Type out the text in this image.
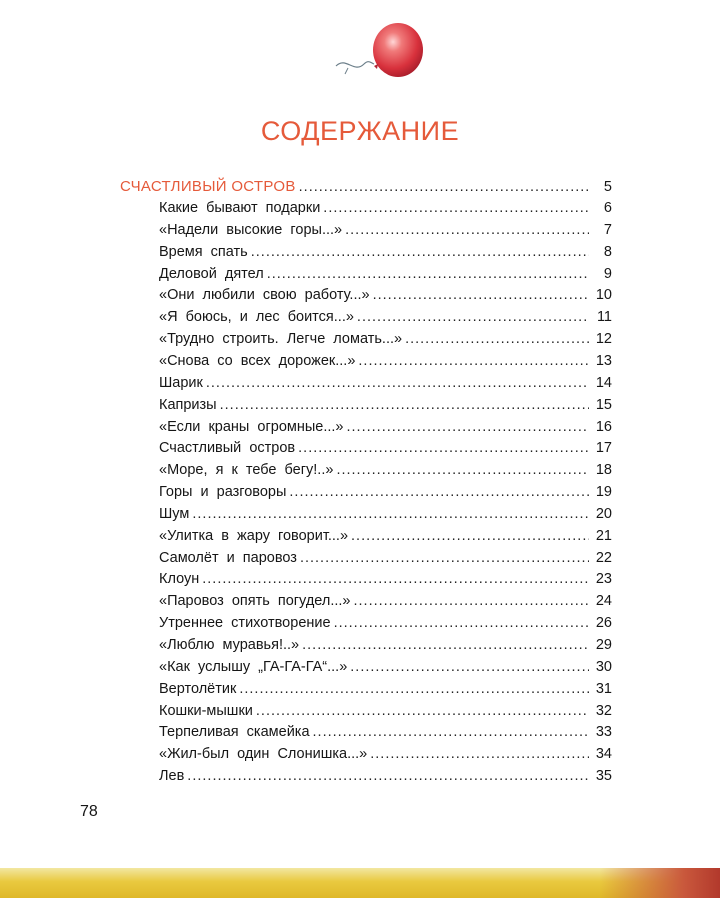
СОДЕРЖАНИЕ
СЧАСТЛИВЫЙ ОСТРОВ .....	5
Какие  бывают  подарки .....	6
«Надели  высокие  горы...» .....	7
Время  спать .....	8
Деловой  дятел .....	9
«Они  любили  свою  работу...» .....	10
«Я  боюсь,  и  лес  боится...» .....	11
«Трудно  строить.  Легче  ломать...» .....	12
«Снова  со  всех  дорожек...» .....	13
Шарик .....	14
Капризы .....	15
«Если  краны  огромные...» .....	16
Счастливый  остров .....	17
«Море,  я  к  тебе  бегу!..» .....	18
Горы  и  разговоры .....	19
Шум .....	20
«Улитка  в  жару  говорит...» .....	21
Самолёт  и  паровоз .....	22
Клоун .....	23
«Паровоз  опять  погудел...» .....	24
Утреннее  стихотворение .....	26
«Люблю  муравья!..» .....	29
«Как  услышу  „ГА-ГА-ГА“...» .....	30
Вертолётик .....	31
Кошки-мышки .....	32
Терпеливая  скамейка .....	33
«Жил-был  один  Слонишка...» .....	34
Лев .....	35
78
